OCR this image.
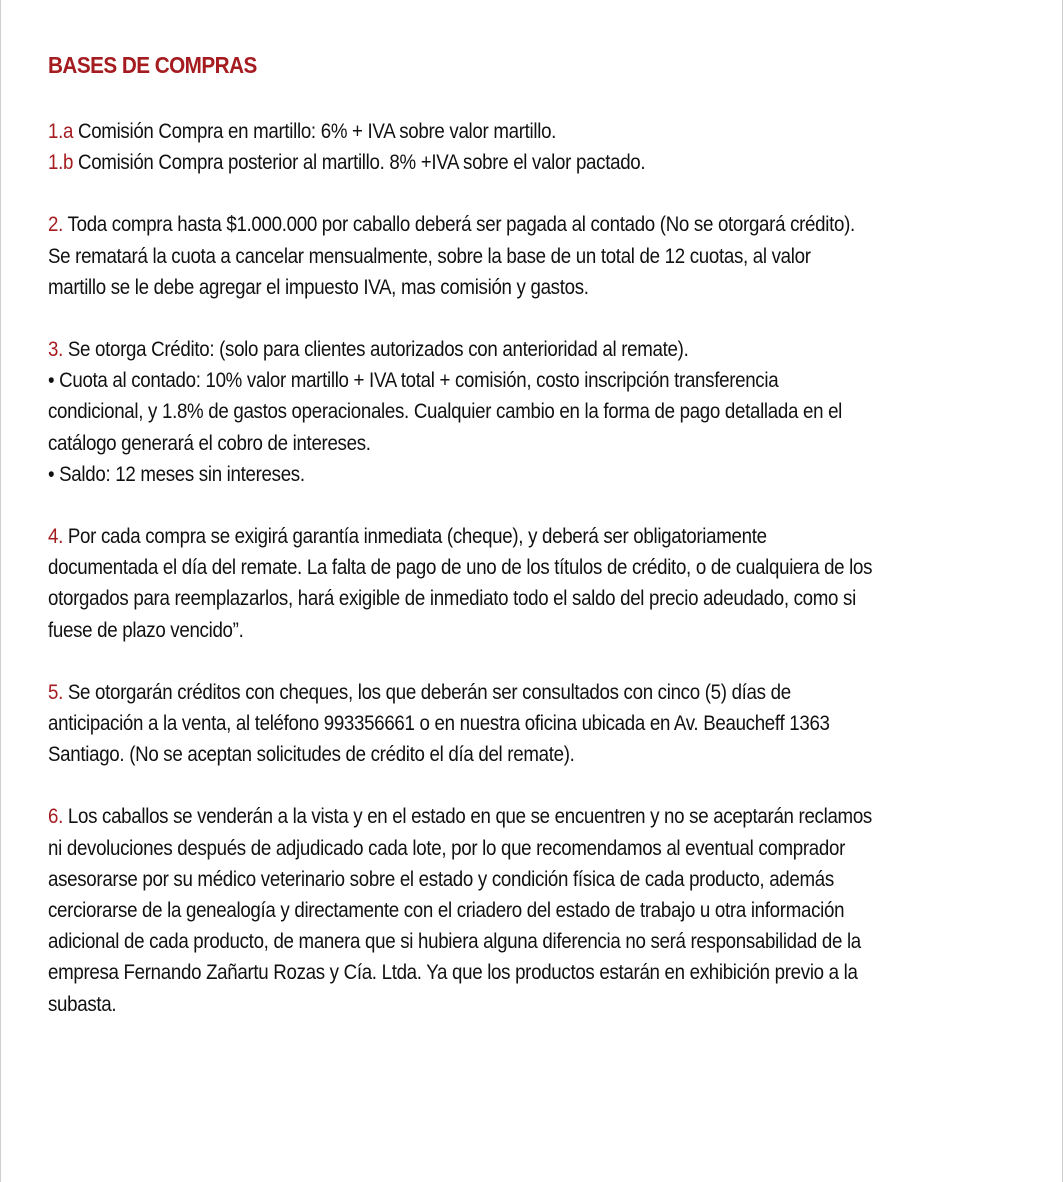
BASES DE COMPRAS
1.a Comisión Compra en martillo: 6% + IVA sobre valor martillo.
1.b Comisión Compra posterior al martillo. 8% +IVA sobre el valor pactado.
2. Toda compra hasta $1.000.000 por caballo deberá ser pagada al contado (No se otorgará crédito).
Se rematará la cuota a cancelar mensualmente, sobre la base de un total de 12 cuotas, al valor
martillo se le debe agregar el impuesto IVA, mas comisión y gastos.
3. Se otorga Crédito: (solo para clientes autorizados con anterioridad al remate).
• Cuota al contado: 10% valor martillo + IVA total + comisión, costo inscripción transferencia
condicional, y 1.8% de gastos operacionales. Cualquier cambio en la forma de pago detallada en el
catálogo generará el cobro de intereses.
• Saldo: 12 meses sin intereses.
4. Por cada compra se exigirá garantía inmediata (cheque), y deberá ser obligatoriamente
documentada el día del remate. La falta de pago de uno de los títulos de crédito, o de cualquiera de los
otorgados para reemplazarlos, hará exigible de inmediato todo el saldo del precio adeudado, como si
fuese de plazo vencido”.
5. Se otorgarán créditos con cheques, los que deberán ser consultados con cinco (5) días de
anticipación a la venta, al teléfono 993356661 o en nuestra oficina ubicada en Av. Beaucheff 1363
Santiago. (No se aceptan solicitudes de crédito el día del remate).
6. Los caballos se venderán a la vista y en el estado en que se encuentren y no se aceptarán reclamos
ni devoluciones después de adjudicado cada lote, por lo que recomendamos al eventual comprador
asesorarse por su médico veterinario sobre el estado y condición física de cada producto, además
cerciorarse de la genealogía y directamente con el criadero del estado de trabajo u otra información
adicional de cada producto, de manera que si hubiera alguna diferencia no será responsabilidad de la
empresa Fernando Zañartu Rozas y Cía. Ltda. Ya que los productos estarán en exhibición previo a la
subasta.
